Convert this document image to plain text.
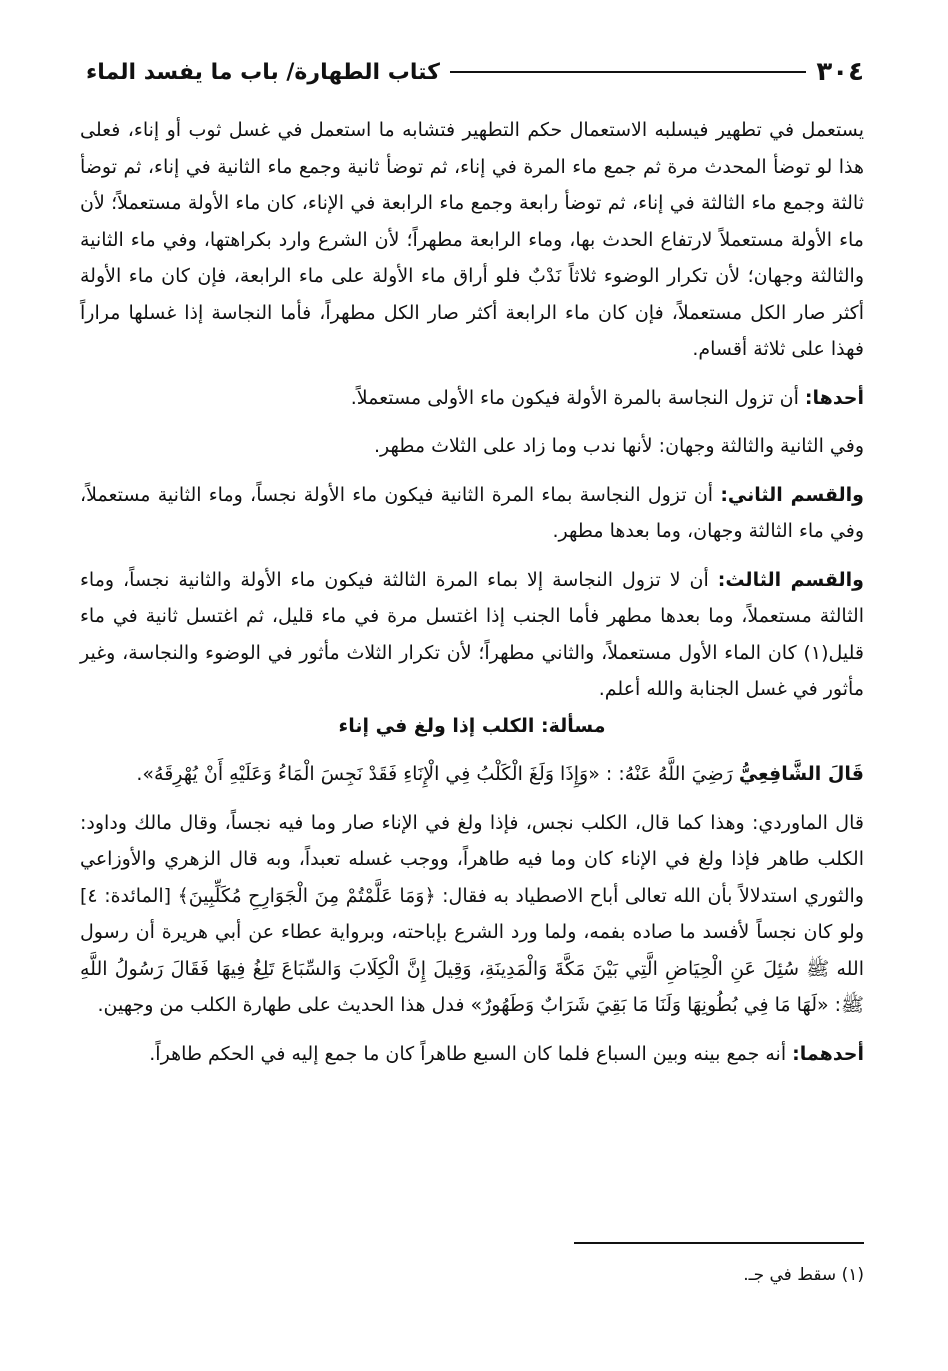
٣٠٤
كتاب الطهارة/ باب ما يفسد الماء

يستعمل في تطهير فيسلبه الاستعمال حكم التطهير فتشابه ما استعمل في غسل ثوب أو إناء، فعلى هذا لو توضأ المحدث مرة ثم جمع ماء المرة في إناء، ثم توضأ ثانية وجمع ماء الثانية في إناء، ثم توضأ ثالثة وجمع ماء الثالثة في إناء، ثم توضأ رابعة وجمع ماء الرابعة في الإناء، كان ماء الأولة مستعملاً؛ لأن ماء الأولة مستعملاً لارتفاع الحدث بها، وماء الرابعة مطهراً؛ لأن الشرع وارد بكراهتها، وفي ماء الثانية والثالثة وجهان؛ لأن تكرار الوضوء ثلاثاً نَدْبٌ فلو أراق ماء الأولة على ماء الرابعة، فإن كان ماء الأولة أكثر صار الكل مستعملاً، فإن كان ماء الرابعة أكثر صار الكل مطهراً، فأما النجاسة إذا غسلها مراراً فهذا على ثلاثة أقسام.

أحدها: أن تزول النجاسة بالمرة الأولة فيكون ماء الأولى مستعملاً.

وفي الثانية والثالثة وجهان: لأنها ندب وما زاد على الثلاث مطهر.

والقسم الثاني: أن تزول النجاسة بماء المرة الثانية فيكون ماء الأولة نجساً، وماء الثانية مستعملاً، وفي ماء الثالثة وجهان، وما بعدها مطهر.

والقسم الثالث: أن لا تزول النجاسة إلا بماء المرة الثالثة فيكون ماء الأولة والثانية نجساً، وماء الثالثة مستعملاً، وما بعدها مطهر فأما الجنب إذا اغتسل مرة في ماء قليل، ثم اغتسل ثانية في ماء قليل(١) كان الماء الأول مستعملاً، والثاني مطهراً؛ لأن تكرار الثلاث مأثور في الوضوء والنجاسة، وغير مأثور في غسل الجنابة والله أعلم.

مسألة: الكلب إذا ولغ في إناء

قَالَ الشَّافِعِيُّ رَضِيَ اللَّهُ عَنْهُ: : «وَإِذَا وَلَغَ الْكَلْبُ فِي الْإِنَاءِ فَقَدْ نَجِسَ الْمَاءُ وَعَلَيْهِ أَنْ يُهْرِقَهُ».

قال الماوردي: وهذا كما قال، الكلب نجس، فإذا ولغ في الإناء صار وما فيه نجساً، وقال مالك وداود: الكلب طاهر فإذا ولغ في الإناء كان وما فيه طاهراً، ووجب غسله تعبداً، وبه قال الزهري والأوزاعي والثوري استدلالاً بأن الله تعالى أباح الاصطياد به فقال: ﴿وَمَا عَلَّمْتُمْ مِنَ الْجَوَارِحِ مُكَلِّبِينَ﴾ [المائدة: ٤] ولو كان نجساً لأفسد ما صاده بفمه، ولما ورد الشرع بإباحته، وبرواية عطاء عن أبي هريرة أن رسول الله ﷺ سُئِلَ عَنِ الْحِيَاضِ الَّتِي بَيْنَ مَكَّةَ وَالْمَدِينَةِ، وَقِيلَ إِنَّ الْكِلَابَ وَالسِّبَاعَ تَلِغُ فِيهَا فَقَالَ رَسُولُ اللَّهِ ﷺ: «لَهَا مَا فِي بُطُونِهَا وَلَنَا مَا بَقِيَ شَرَابٌ وَطَهُورٌ» فدل هذا الحديث على طهارة الكلب من وجهين.

أحدهما: أنه جمع بينه وبين السباع فلما كان السبع طاهراً كان ما جمع إليه في الحكم طاهراً.

(١) سقط في جـ.
